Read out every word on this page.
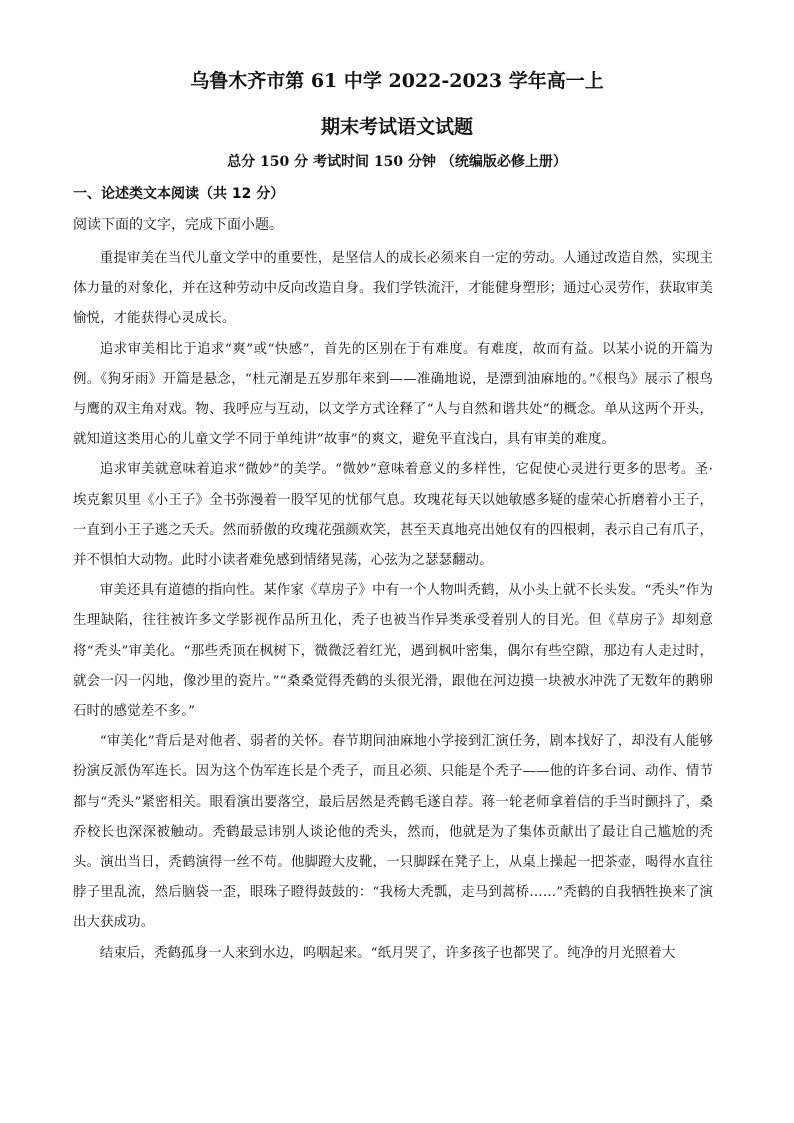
乌鲁木齐市第 61 中学 2022-2023 学年高一上
期末考试语文试题
总分 150 分 考试时间 150 分钟 （统编版必修上册）
一、论述类文本阅读（共 12 分）
阅读下面的文字，完成下面小题。

重提审美在当代儿童文学中的重要性，是坚信人的成长必须来自一定的劳动。人通过改造自然，实现主体力量的对象化，并在这种劳动中反向改造自身。我们学铁流汗，才能健身塑形；通过心灵劳作，获取审美愉悦，才能获得心灵成长。

追求审美相比于追求“爽”或“快感”，首先的区别在于有难度。有难度，故而有益。以某小说的开篇为例。《狗牙雨》开篇是悬念，“杜元潮是五岁那年来到——准确地说，是漂到油麻地的。”《根鸟》展示了根鸟与鹰的双主角对戏。物、我呼应与互动，以文学方式诠释了“人与自然和谐共处”的概念。单从这两个开头，就知道这类用心的儿童文学不同于单纯讲“故事”的爽文，避免平直浅白，具有审美的难度。

追求审美就意味着追求“微妙”的美学。“微妙”意味着意义的多样性，它促使心灵进行更多的思考。圣·埃克絮贝里《小王子》全书弥漫着一股罕见的忧郁气息。玫瑰花每天以她敏感多疑的虚荣心折磨着小王子，一直到小王子逃之夭夭。然而骄傲的玫瑰花强颜欢笑，甚至天真地亮出她仅有的四根刺，表示自己有爪子，并不惧怕大动物。此时小读者难免感到情绪晃荡，心弦为之瑟瑟翻动。

审美还具有道德的指向性。某作家《草房子》中有一个人物叫秃鹤，从小头上就不长头发。“秃头”作为生理缺陷，往往被许多文学影视作品所丑化，秃子也被当作异类承受着别人的目光。但《草房子》却刻意将“秃头”审美化。“那些秃顶在枫树下，微微泛着红光，遇到枫叶密集，偶尔有些空隙，那边有人走过时，就会一闪一闪地，像沙里的瓷片。”“桑桑觉得秃鹤的头很光滑，跟他在河边摸一块被水冲洗了无数年的鹅卵石时的感觉差不多。”

“审美化”背后是对他者、弱者的关怀。春节期间油麻地小学接到汇演任务，剧本找好了，却没有人能够扮演反派伪军连长。因为这个伪军连长是个秃子，而且必须、只能是个秃子——他的许多台词、动作、情节都与“秃头”紧密相关。眼看演出要落空，最后居然是秃鹤毛遂自荐。蒋一轮老师拿着信的手当时颤抖了，桑乔校长也深深被触动。秃鹤最忌讳别人谈论他的秃头，然而，他就是为了集体贡献出了最让自己尴尬的秃头。演出当日，秃鹤演得一丝不苟。他脚蹬大皮靴，一只脚踩在凳子上，从桌上操起一把茶壶，喝得水直往脖子里乱流，然后脑袋一歪，眼珠子瞪得鼓鼓的：“我杨大秃瓢，走马到蒿桥……”秃鹤的自我牺牲换来了演出大获成功。

结束后，秃鹤孤身一人来到水边，呜咽起来。“纸月哭了，许多孩子也都哭了。纯净的月光照着大
